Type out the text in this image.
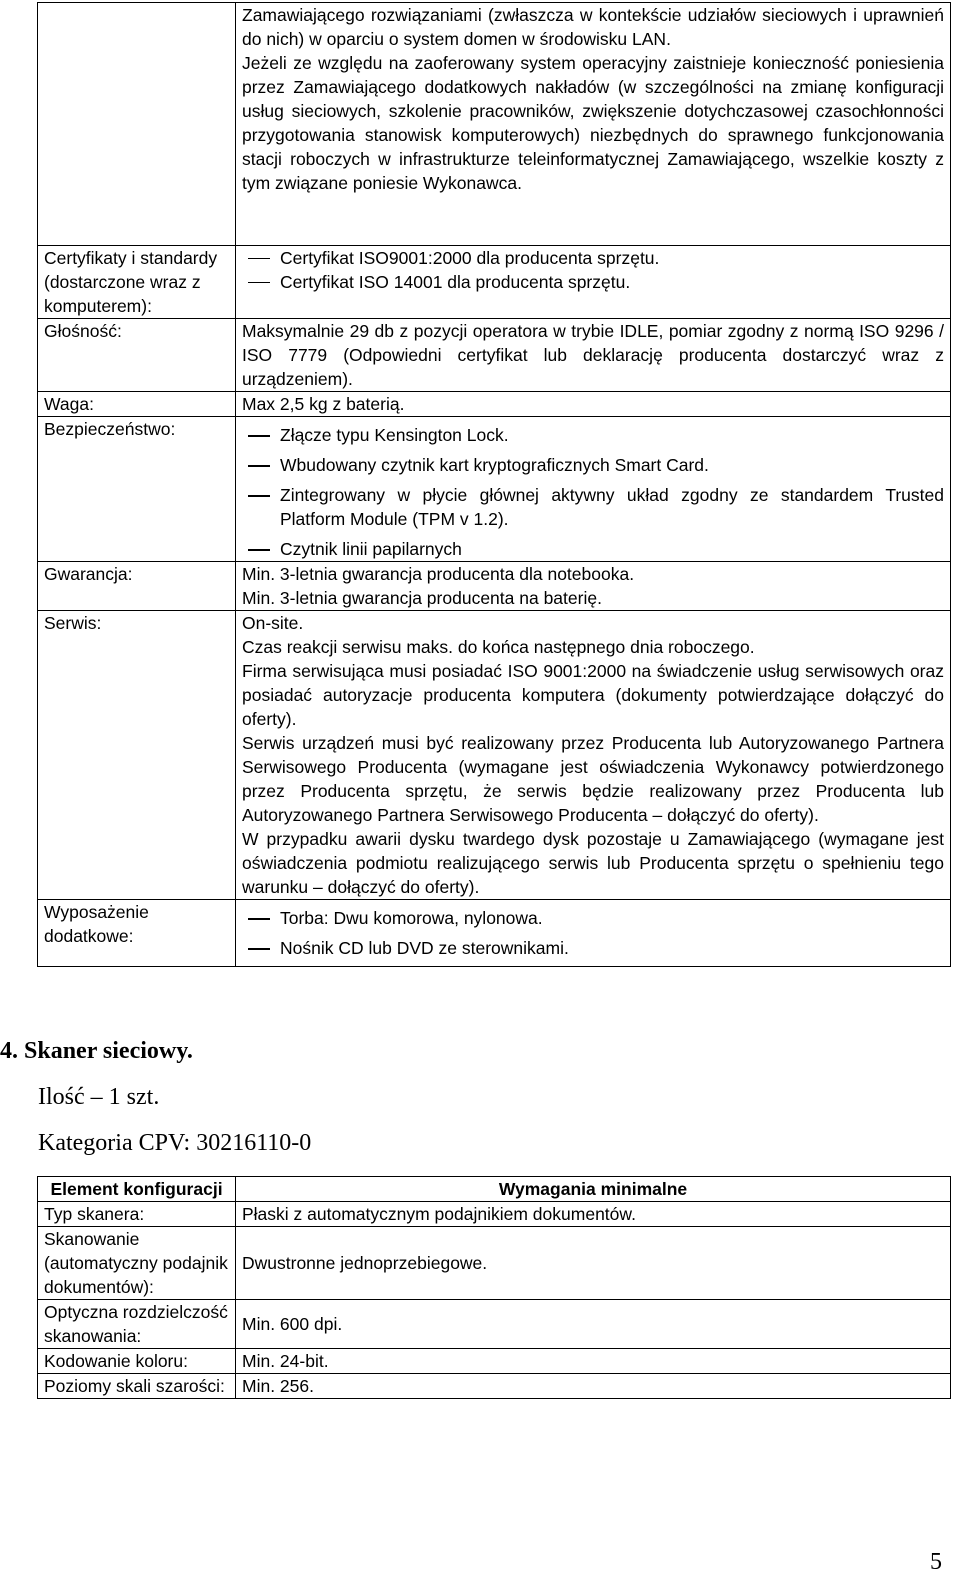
	Zamawiającego rozwiązaniami (zwłaszcza w kontekście udziałów sieciowych i uprawnień do nich) w oparciu o system domen w środowisku LAN.
Jeżeli ze względu na zaoferowany system operacyjny zaistnieje konieczność poniesienia przez Zamawiającego dodatkowych nakładów (w szczególności na zmianę konfiguracji usług sieciowych, szkolenie pracowników, zwiększenie dotychczasowej czasochłonności przygotowania stanowisk komputerowych) niezbędnych do sprawnego funkcjonowania stacji roboczych w infrastrukturze teleinformatycznej Zamawiającego, wszelkie koszty z tym związane poniesie Wykonawca.

Certyfikaty i standardy (dostarczone wraz z komputerem):	Certyfikat ISO9001:2000 dla producenta sprzętu.
Certyfikat ISO 14001 dla producenta sprzętu.

Głośność:	Maksymalnie 29 db z pozycji operatora w trybie IDLE, pomiar zgodny z normą ISO 9296 / ISO 7779 (Odpowiedni certyfikat lub deklarację producenta dostarczyć wraz z urządzeniem).
Waga:	Max 2,5 kg z baterią.
Bezpieczeństwo:	Złącze typu Kensington Lock.
Wbudowany czytnik kart kryptograficznych Smart Card.
Zintegrowany w płycie głównej aktywny układ zgodny ze standardem Trusted Platform Module (TPM v 1.2).
Czytnik linii papilarnych

Gwarancja:	Min. 3-letnia gwarancja producenta dla notebooka.
Min. 3-letnia gwarancja producenta na baterię.

Serwis:	On-site.
Czas reakcji serwisu maks. do końca następnego dnia roboczego.
Firma serwisująca musi posiadać ISO 9001:2000 na świadczenie usług serwisowych oraz posiadać autoryzacje producenta komputera (dokumenty potwierdzające dołączyć do oferty).
Serwis urządzeń musi być realizowany przez Producenta lub Autoryzowanego Partnera Serwisowego Producenta (wymagane jest oświadczenia Wykonawcy potwierdzonego przez Producenta sprzętu, że serwis będzie realizowany przez Producenta lub Autoryzowanego Partnera Serwisowego Producenta – dołączyć do oferty).
W przypadku awarii dysku twardego dysk pozostaje u Zamawiającego (wymagane jest oświadczenia podmiotu realizującego serwis lub Producenta sprzętu o spełnieniu tego warunku – dołączyć do oferty).

Wyposażenie dodatkowe:	Torba: Dwu komorowa, nylonowa.
Nośnik CD lub DVD ze sterownikami.
4. Skaner sieciowy.
Ilość – 1 szt.
Kategoria CPV: 30216110-0
Element konfiguracji	Wymagania minimalne
Typ skanera:	Płaski z automatycznym podajnikiem dokumentów.
Skanowanie (automatyczny podajnik dokumentów):	Dwustronne jednoprzebiegowe.
Optyczna rozdzielczość skanowania:	Min. 600 dpi.
Kodowanie koloru:	Min. 24-bit.
Poziomy skali szarości:	Min. 256.
5
